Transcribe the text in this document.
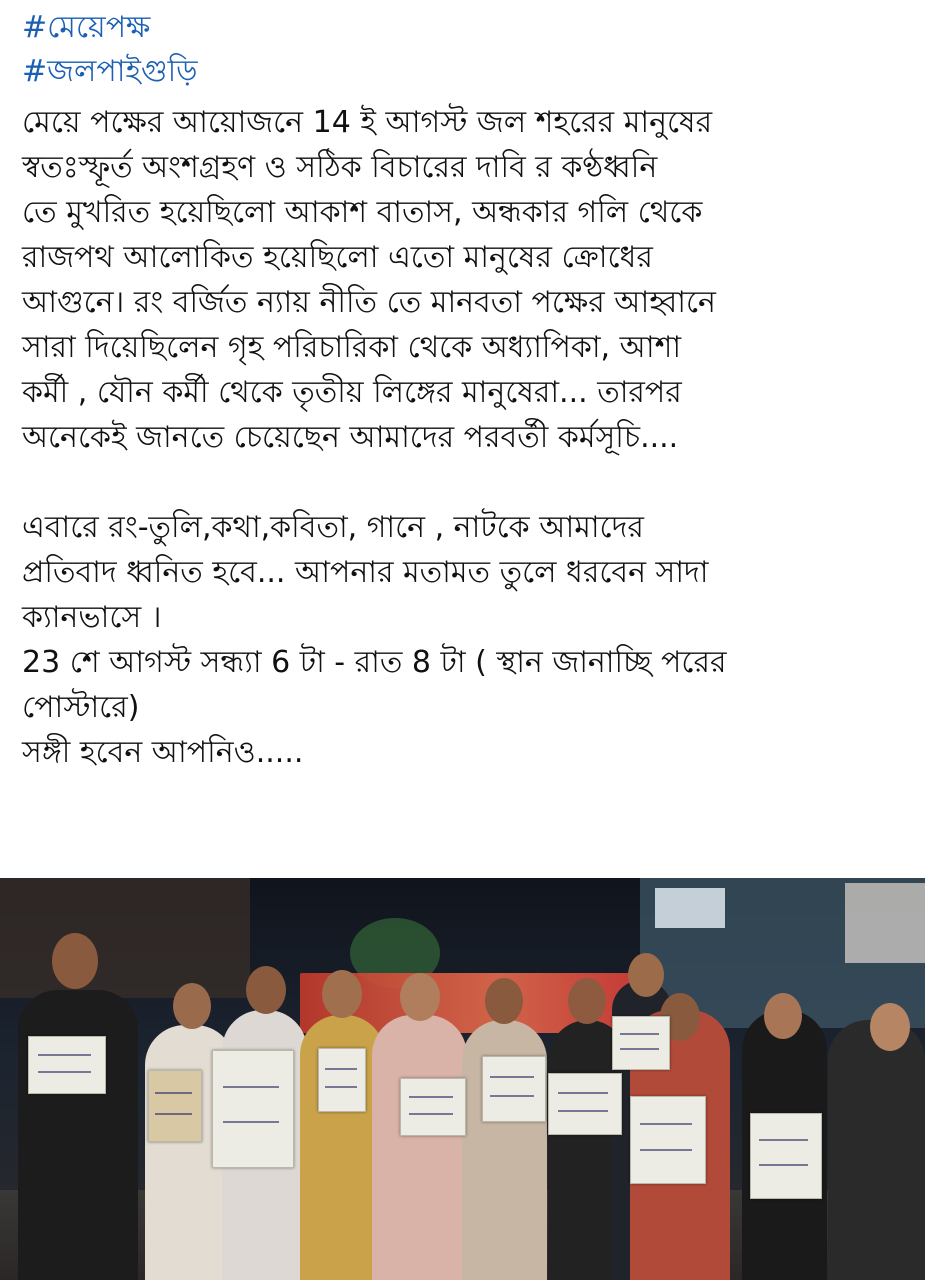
#মেয়েপক্ষ
#জলপাইগুড়ি
মেয়ে পক্ষের আয়োজনে 14 ই আগস্ট জল শহরের মানুষের
স্বতঃস্ফূর্ত অংশগ্রহণ ও সঠিক বিচারের দাবি র কণ্ঠধ্বনি
তে মুখরিত হয়েছিলো আকাশ বাতাস, অন্ধকার গলি থেকে
রাজপথ আলোকিত হয়েছিলো এতো মানুষের ক্রোধের
আগুনে। রং বর্জিত ন্যায় নীতি তে মানবতা পক্ষের আহ্বানে
সারা দিয়েছিলেন গৃহ পরিচারিকা থেকে অধ্যাপিকা, আশা
কর্মী , যৌন কর্মী থেকে তৃতীয় লিঙ্গের মানুষেরা... তারপর
অনেকেই জানতে চেয়েছেন আমাদের পরবর্তী কর্মসূচি....
এবারে রং-তুলি,কথা,কবিতা, গানে , নাটকে আমাদের
প্রতিবাদ ধ্বনিত হবে... আপনার মতামত তুলে ধরবেন সাদা
ক্যানভাসে ।
23 শে আগস্ট সন্ধ্যা 6 টা - রাত 8 টা ( স্থান জানাচ্ছি পরের
পোস্টারে)
সঙ্গী হবেন আপনিও.....
